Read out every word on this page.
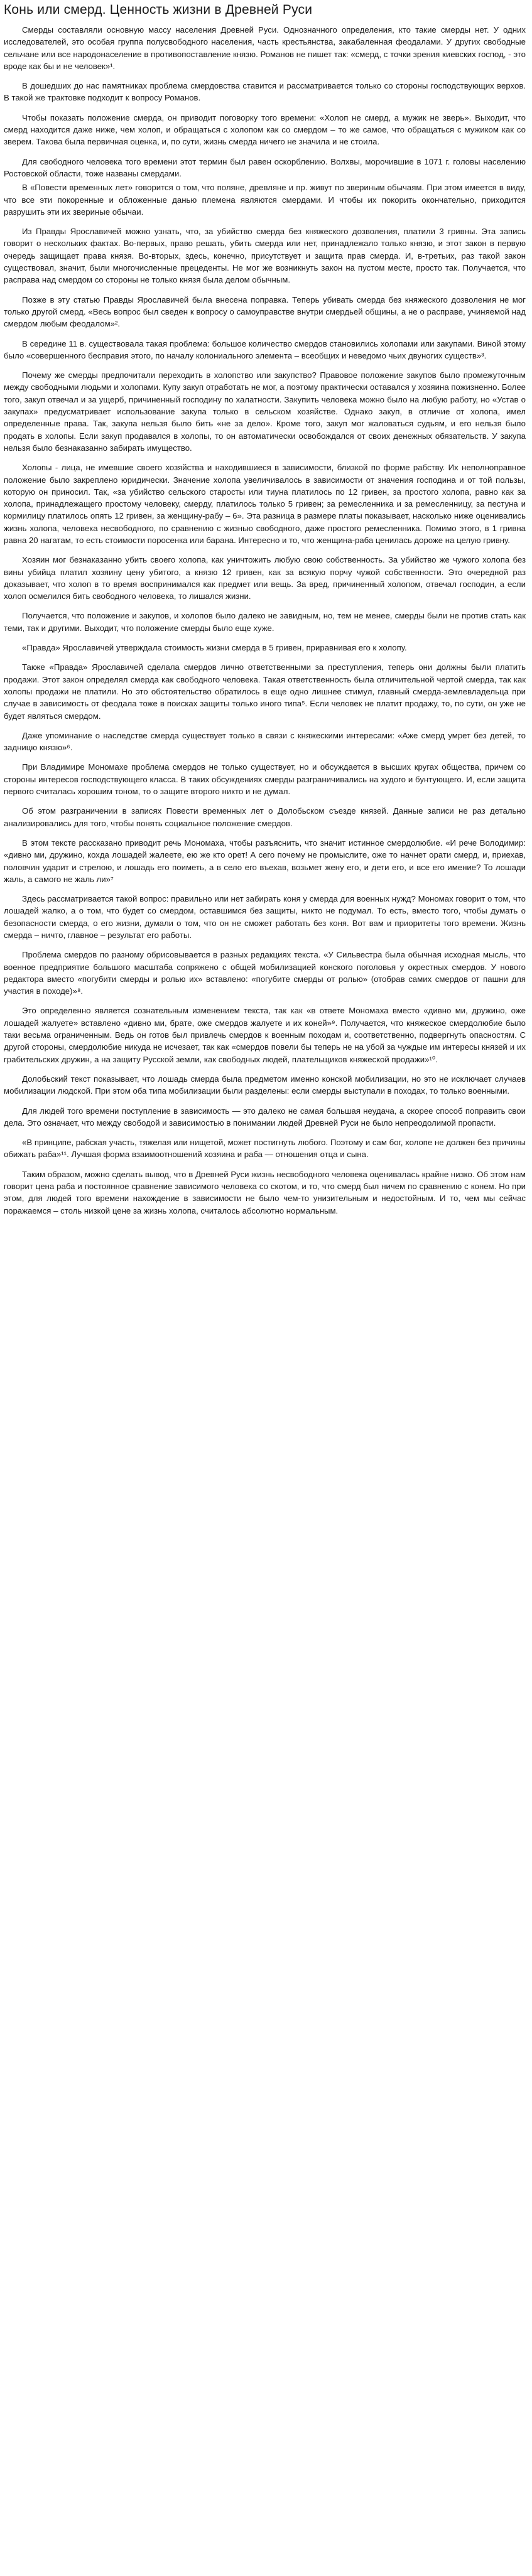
Конь или смерд. Ценность жизни в Древней Руси

Смерды составляли основную массу населения Древней Руси. Однозначного определения, кто такие смерды нет. У одних исследователей, это особая группа полусвободного населения, часть крестьянства, закабаленная феодалами. У других свободные сельчане или все народонаселение в противопоставление князю. Романов не пишет так: «смерд, с точки зрения киевских господ, - это вроде как бы и не человек»¹.

В дошедших до нас памятниках проблема смердовства ставится и рассматривается только со стороны господствующих верхов. В такой же трактовке подходит к вопросу Романов.

Чтобы показать положение смерда, он приводит поговорку того времени: «Холоп не смерд, а мужик не зверь». Выходит, что смерд находится даже ниже, чем холоп, и обращаться с холопом как со смердом – то же самое, что обращаться с мужиком как со зверем. Такова была первичная оценка, и, по сути, жизнь смерда ничего не значила и не стоила.

Для свободного человека того времени этот термин был равен оскорблению. Волхвы, морочившие в 1071 г. головы населению Ростовской области, тоже названы смердами.

В «Повести временных лет» говорится о том, что поляне, древляне и пр. живут по звериным обычаям. При этом имеется в виду, что все эти покоренные и обложенные данью племена являются смердами. И чтобы их покорить окончательно, приходится разрушить эти их звериные обычаи.

Из Правды Ярославичей можно узнать, что, за убийство смерда без княжеского дозволения, платили 3 гривны. Эта запись говорит о нескольких фактах. Во-первых, право решать, убить смерда или нет, принадлежало только князю, и этот закон в первую очередь защищает права князя. Во-вторых, здесь, конечно, присутствует и защита прав смерда. И, в-третьих, раз такой закон существовал, значит, были многочисленные прецеденты. Не мог же возникнуть закон на пустом месте, просто так. Получается, что расправа над смердом со стороны не только князя была делом обычным.

Позже в эту статью Правды Ярославичей была внесена поправка. Теперь убивать смерда без княжеского дозволения не мог только другой смерд. «Весь вопрос был сведен к вопросу о самоуправстве внутри смердьей общины, а не о расправе, учиняемой над смердом любым феодалом»².

В середине 11 в. существовала такая проблема: большое количество смердов становились холопами или закупами. Виной этому было «совершенного бесправия этого, по началу колониального элемента – всеобщих и неведомо чьих двуногих существ»³.

Почему же смерды предпочитали переходить в холопство или закупство? Правовое положение закупов было промежуточным между свободными людьми и холопами. Купу закуп отработать не мог, а поэтому практически оставался у хозяина пожизненно. Более того, закуп отвечал и за ущерб, причиненный господину по халатности. Закупить человека можно было на любую работу, но «Устав о закупах» предусматривает использование закупа только в сельском хозяйстве. Однако закуп, в отличие от холопа, имел определенные права. Так, закупа нельзя было бить «не за дело». Кроме того, закуп мог жаловаться судьям, и его нельзя было продать в холопы. Если закуп продавался в холопы, то он автоматически освобождался от своих денежных обязательств. У закупа нельзя было безнаказанно забирать имущество.

Холопы - лица, не имевшие своего хозяйства и находившиеся в зависимости, близкой по форме рабству. Их неполноправное положение было закреплено юридически. Значение холопа увеличивалось в зависимости от значения господина и от той пользы, которую он приносил. Так, «за убийство сельского старосты или тиуна платилось по 12 гривен, за простого холопа, равно как за холопа, принадлежащего простому человеку, смерду, платилось только 5 гривен; за ремесленника и за ремесленницу, за пестуна и кормилицу платилось опять 12 гривен, за женщину-рабу – 6». Эта разница в размере платы показывает, насколько ниже оценивались жизнь холопа, человека несвободного, по сравнению с жизнью свободного, даже простого ремесленника. Помимо этого, в 1 гривна равна 20 нагатам, то есть стоимости поросенка или барана. Интересно и то, что женщина-раба ценилась дороже на целую гривну.

Хозяин мог безнаказанно убить своего холопа, как уничтожить любую свою собственность. За убийство же чужого холопа без вины убийца платил хозяину цену убитого, а князю 12 гривен, как за всякую порчу чужой собственности. Это очередной раз доказывает, что холоп в то время воспринимался как предмет или вещь. За вред, причиненный холопом, отвечал господин, а если холоп осмелился бить свободного человека, то лишался жизни.

Получается, что положение и закупов, и холопов было далеко не завидным, но, тем не менее, смерды были не против стать как теми, так и другими. Выходит, что положение смерды было еще хуже.

«Правда» Ярославичей утверждала стоимость жизни смерда в 5 гривен, приравнивая его к холопу.

Также «Правда» Ярославичей сделала смердов лично ответственными за преступления, теперь они должны были платить продажи. Этот закон определял смерда как свободного человека. Такая ответственность была отличительной чертой смерда, так как холопы продажи не платили. Но это обстоятельство обратилось в еще одно лишнее стимул, главный смерда-землевладельца при случае в зависимость от феодала тоже в поисках защиты только иного типа⁵. Если человек не платит продажу, то, по сути, он уже не будет являться смердом.

Даже упоминание о наследстве смерда существует только в связи с княжескими интересами: «Аже смерд умрет без детей, то задницю князю»⁶.

При Владимире Мономахе проблема смердов не только существует, но и обсуждается в высших кругах общества, причем со стороны интересов господствующего класса. В таких обсуждениях смерды разграничивались на худого и бунтующего. И, если защита первого считалась хорошим тоном, то о защите второго никто и не думал.

Об этом разграничении в записях Повести временных лет о Долобьском съезде князей. Данные записи не раз детально анализировались для того, чтобы понять социальное положение смердов.

В этом тексте рассказано приводит речь Мономаха, чтобы разъяснить, что значит истинное смердолюбие. «И рече Володимир: «дивно ми, дружино, кохда лошадей жалеете, ею же кто орет! А сего почему не промыслите, оже то начнет орати смерд, и, приехав, половчин ударит и стрелою, и лошадь его поиметь, а в село его въехав, возьмет жену его, и дети его, и все его имение? То лошади жаль, а самого не жаль ли»⁷

Здесь рассматривается такой вопрос: правильно или нет забирать коня у смерда для военных нужд? Мономах говорит о том, что лошадей жалко, а о том, что будет со смердом, оставшимся без защиты, никто не подумал. То есть, вместо того, чтобы думать о безопасности смерда, о его жизни, думали о том, что он не сможет работать без коня. Вот вам и приоритеты того времени. Жизнь смерда – ничто, главное – результат его работы.

Проблема смердов по разному обрисовывается в разных редакциях текста. «У Сильвестра была обычная исходная мысль, что военное предприятие большого масштаба сопряжено с общей мобилизацией конского поголовья у окрестных смердов. У нового редактора вместо «погубити смерды и ролью их» вставлено: «погубите смерды от ролью» (отобрав самих смердов от пашни для участия в походе)»⁸.

Это определенно является сознательным изменением текста, так как «в ответе Мономаха вместо «дивно ми, дружино, оже лошадей жалуете» вставлено «дивно ми, брате, оже смердов жалуете и их коней»⁹. Получается, что княжеское смердолюбие было таки весьма ограниченным. Ведь он готов был привлечь смердов к военным походам и, соответственно, подвергнуть опасностям. С другой стороны, смердолюбие никуда не исчезает, так как «смердов повели бы теперь не на убой за чуждые им интересы князей и их грабительских дружин, а на защиту Русской земли, как свободных людей, плательщиков княжеской продажи»¹⁰.

Долобьский текст показывает, что лошадь смерда была предметом именно конской мобилизации, но это не исключает случаев мобилизации людской. При этом оба типа мобилизации были разделены: если смерды выступали в походах, то только военными.

Для людей того времени поступление в зависимость — это далеко не самая большая неудача, а скорее способ поправить свои дела. Это означает, что между свободой и зависимостью в понимании людей Древней Руси не было непреодолимой пропасти.

«В принципе, рабская участь, тяжелая или нищетой, может постигнуть любого. Поэтому и сам бог, холопе не должен без причины обижать раба»¹¹. Лучшая форма взаимоотношений хозяина и раба — отношения отца и сына.

Таким образом, можно сделать вывод, что в Древней Руси жизнь несвободного человека оценивалась крайне низко. Об этом нам говорит цена раба и постоянное сравнение зависимого человека со скотом, и то, что смерд был ничем по сравнению с конем. Но при этом, для людей того времени нахождение в зависимости не было чем-то унизительным и недостойным. И то, чем мы сейчас поражаемся – столь низкой цене за жизнь холопа, считалось абсолютно нормальным.
